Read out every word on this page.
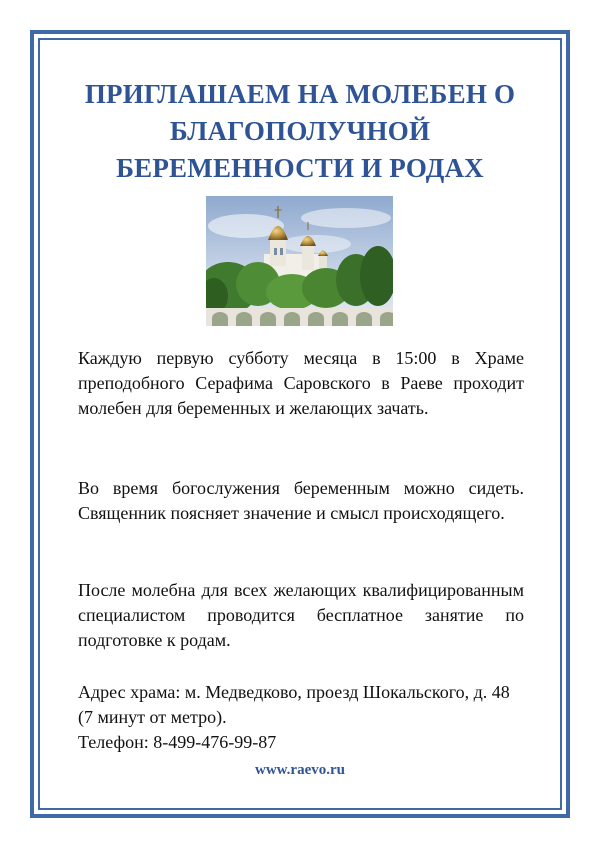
ПРИГЛАШАЕМ НА МОЛЕБЕН О БЛАГОПОЛУЧНОЙ БЕРЕМЕННОСТИ И РОДАХ

Каждую первую субботу месяца в 15:00 в Храме преподобного Серафима Саровского в Раеве проходит молебен для беременных и желающих зачать.

Во время богослужения беременным можно сидеть. Священник поясняет значение и смысл происходящего.

После молебна для всех желающих квалифицированным специалистом проводится бесплатное занятие по подготовке к родам.

Адрес храма: м. Медведково, проезд Шокальского, д. 48 (7 минут от метро).
Телефон: 8-499-476-99-87

www.raevo.ru
